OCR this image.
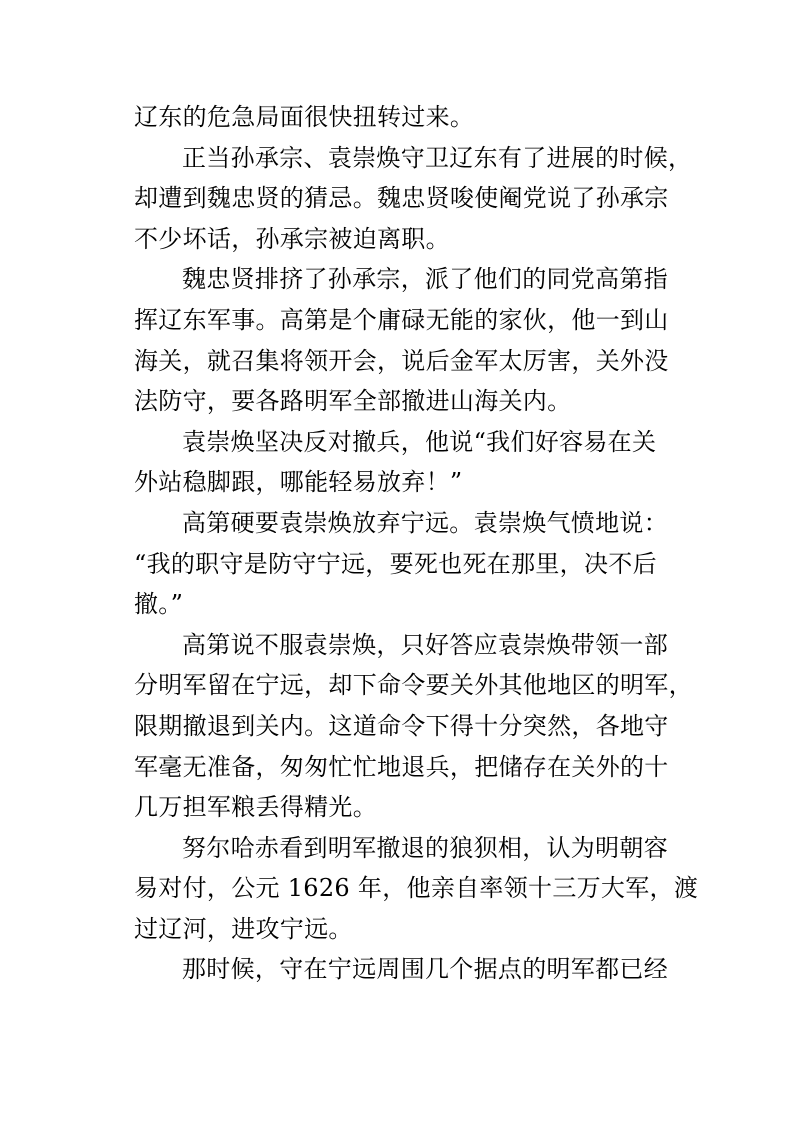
辽东的危急局面很快扭转过来。
正当孙承宗、袁崇焕守卫辽东有了进展的时候，
却遭到魏忠贤的猜忌。魏忠贤唆使阉党说了孙承宗
不少坏话，孙承宗被迫离职。
魏忠贤排挤了孙承宗，派了他们的同党高第指
挥辽东军事。高第是个庸碌无能的家伙，他一到山
海关，就召集将领开会，说后金军太厉害，关外没
法防守，要各路明军全部撤进山海关内。
袁崇焕坚决反对撤兵，他说“我们好容易在关
外站稳脚跟，哪能轻易放弃！”
高第硬要袁崇焕放弃宁远。袁崇焕气愤地说：
“我的职守是防守宁远，要死也死在那里，决不后
撤。”
高第说不服袁崇焕，只好答应袁崇焕带领一部
分明军留在宁远，却下命令要关外其他地区的明军，
限期撤退到关内。这道命令下得十分突然，各地守
军毫无准备，匆匆忙忙地退兵，把储存在关外的十
几万担军粮丢得精光。
努尔哈赤看到明军撤退的狼狈相，认为明朝容
易对付，公元 1626 年，他亲自率领十三万大军，渡
过辽河，进攻宁远。
那时候，守在宁远周围几个据点的明军都已经
